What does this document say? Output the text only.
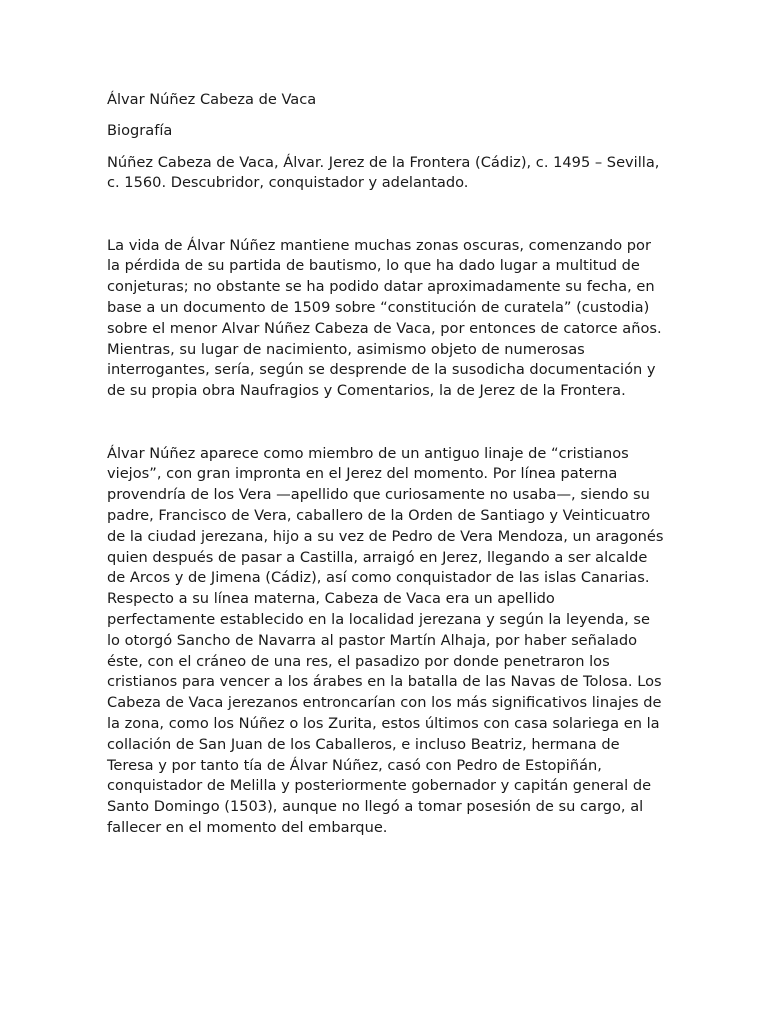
Álvar Núñez Cabeza de Vaca

Biografía

Núñez Cabeza de Vaca, Álvar. Jerez de la Frontera (Cádiz), c. 1495 – Sevilla, c. 1560. Descubridor, conquistador y adelantado.

La vida de Álvar Núñez mantiene muchas zonas oscuras, comenzando por la pérdida de su partida de bautismo, lo que ha dado lugar a multitud de conjeturas; no obstante se ha podido datar aproximadamente su fecha, en base a un documento de 1509 sobre “constitución de curatela” (custodia) sobre el menor Alvar Núñez Cabeza de Vaca, por entonces de catorce años. Mientras, su lugar de nacimiento, asimismo objeto de numerosas interrogantes, sería, según se desprende de la susodicha documentación y de su propia obra Naufragios y Comentarios, la de Jerez de la Frontera.

Álvar Núñez aparece como miembro de un antiguo linaje de “cristianos viejos”, con gran impronta en el Jerez del momento. Por línea paterna provendría de los Vera —apellido que curiosamente no usaba—, siendo su padre, Francisco de Vera, caballero de la Orden de Santiago y Veinticuatro de la ciudad jerezana, hijo a su vez de Pedro de Vera Mendoza, un aragonés quien después de pasar a Castilla, arraigó en Jerez, llegando a ser alcalde de Arcos y de Jimena (Cádiz), así como conquistador de las islas Canarias. Respecto a su línea materna, Cabeza de Vaca era un apellido perfectamente establecido en la localidad jerezana y según la leyenda, se lo otorgó Sancho de Navarra al pastor Martín Alhaja, por haber señalado éste, con el cráneo de una res, el pasadizo por donde penetraron los cristianos para vencer a los árabes en la batalla de las Navas de Tolosa. Los Cabeza de Vaca jerezanos entroncarían con los más significativos linajes de la zona, como los Núñez o los Zurita, estos últimos con casa solariega en la collación de San Juan de los Caballeros, e incluso Beatriz, hermana de Teresa y por tanto tía de Álvar Núñez, casó con Pedro de Estopiñán, conquistador de Melilla y posteriormente gobernador y capitán general de Santo Domingo (1503), aunque no llegó a tomar posesión de su cargo, al fallecer en el momento del embarque.
